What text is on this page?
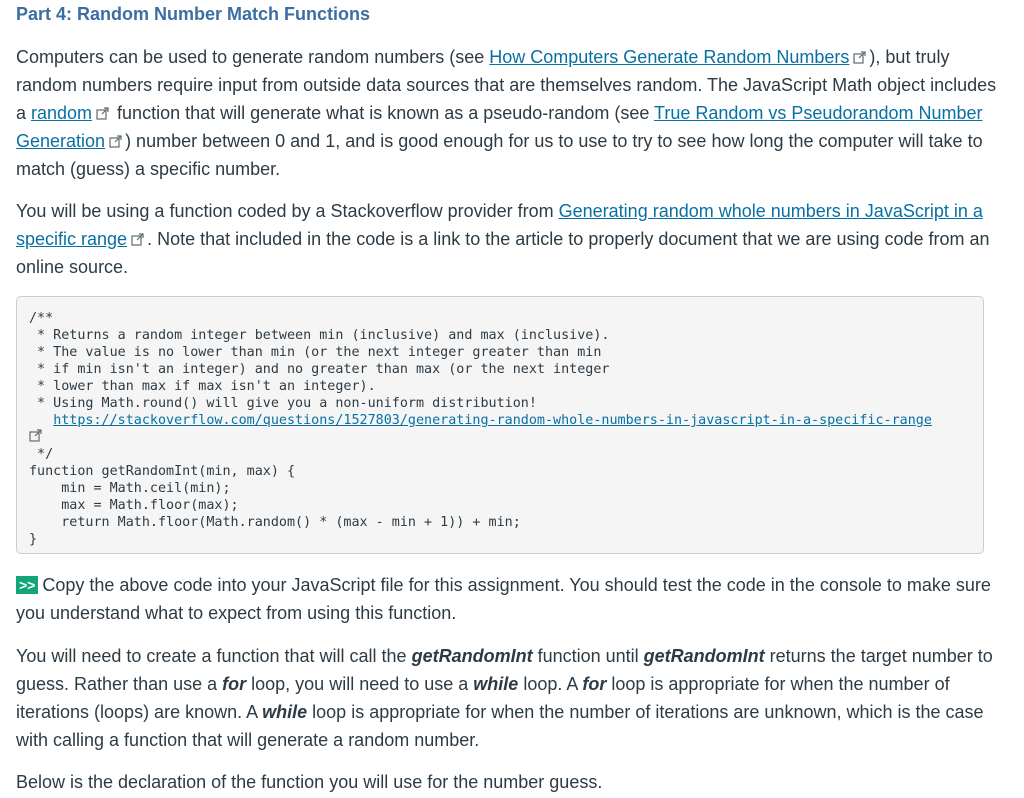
Part 4: Random Number Match Functions

Computers can be used to generate random numbers (see How Computers Generate Random Numbers ), but truly random numbers require input from outside data sources that are themselves random. The JavaScript Math object includes a random
function that will generate what is known as a pseudo-random (see True Random vs Pseudorandom Number Generation ) number between 0 and 1, and is good enough for us to use to try to see how long the computer will take to match (guess) a specific number.

You will be using a function coded by a Stackoverflow provider from Generating random whole numbers in JavaScript in a specific range . Note that included in the code is a link to the article to properly document that we are using code from an online source.

/**
* Returns a random integer between min (inclusive) and max (inclusive).
* The value is no lower than min (or the next integer greater than min
* if min isn't an integer) and no greater than max (or the next integer
* lower than max if max isn't an integer).
* Using Math.round() will give you a non-uniform distribution!
https://stackoverflow.com/questions/1527803/generating-random-whole-numbers-in-javascript-in-a-specific-range
*/
function getRandomInt(min, max) {
min = Math.ceil(min);
max = Math.floor(max);
return Math.floor(Math.random() * (max - min + 1)) + min;
}

>> Copy the above code into your JavaScript file for this assignment. You should test the code in the console to make sure you understand what to expect from using this function.

You will need to create a function that will call the getRandomInt function until getRandomInt returns the target number to guess. Rather than use a for loop, you will need to use a while loop. A for loop is appropriate for when the number of iterations (loops) are known. A while loop is appropriate for when the number of iterations are unknown, which is the case with calling a function that will generate a random number.

Below is the declaration of the function you will use for the number guess.
